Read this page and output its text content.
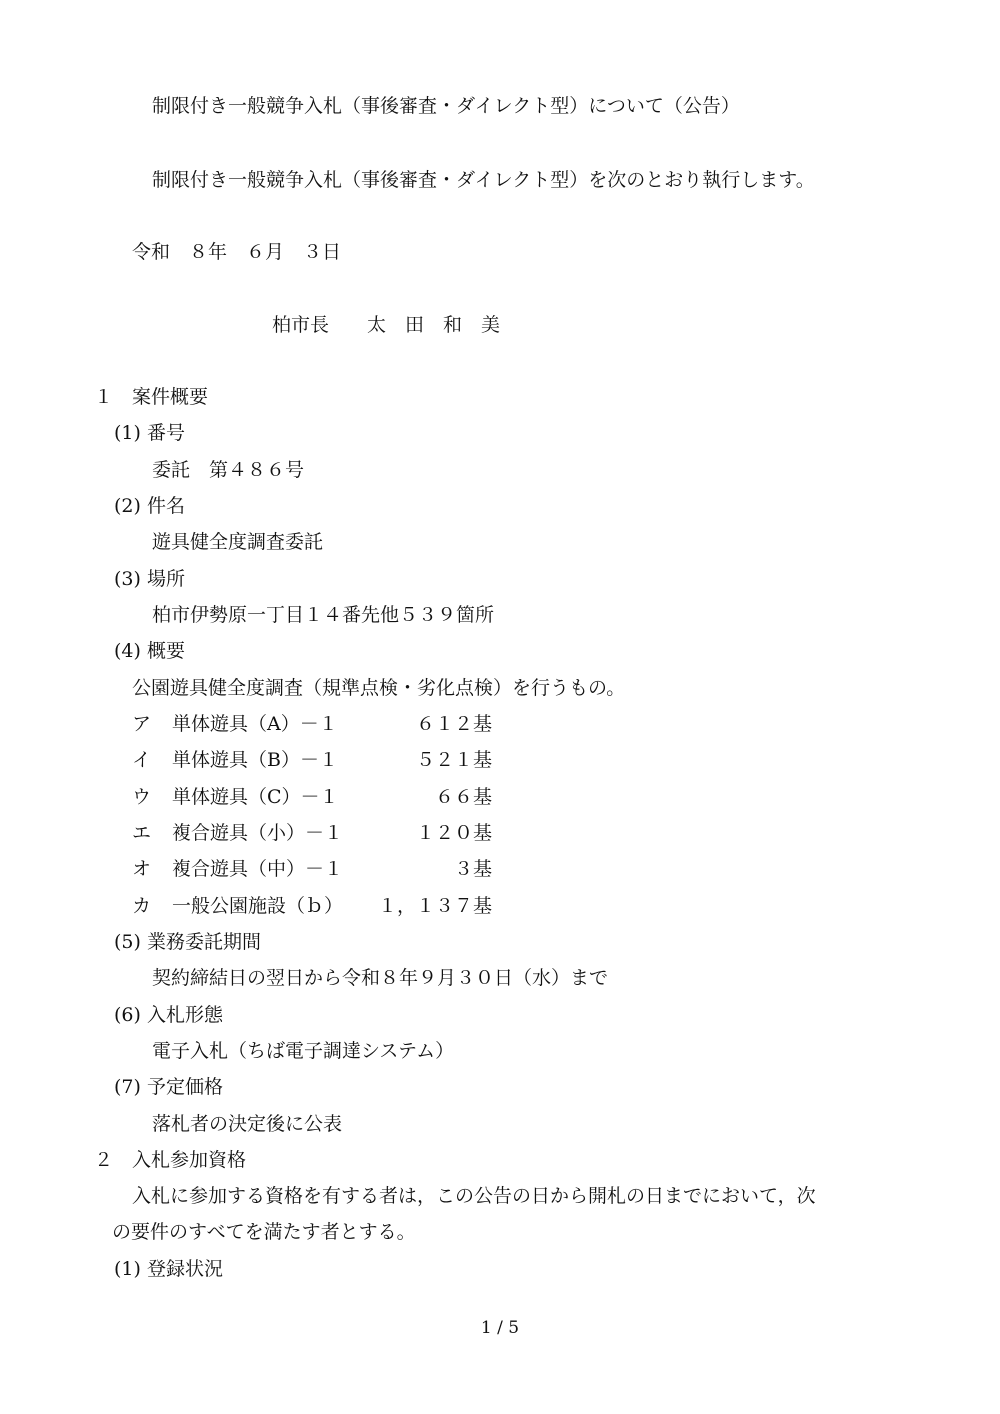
制限付き一般競争入札（事後審査・ダイレクト型）について（公告）
制限付き一般競争入札（事後審査・ダイレクト型）を次のとおり執行します。
令和　８年　６月　３日
柏市長　　太　田　和　美
１　案件概要
(1) 番号
委託　第４８６号
(2) 件名
遊具健全度調査委託
(3) 場所
柏市伊勢原一丁目１４番先他５３９箇所
(4) 概要
公園遊具健全度調査（規準点検・劣化点検）を行うもの。
ア	単体遊具（A）－１	６１２基
イ	単体遊具（B）－１	５２１基
ウ	単体遊具（C）－１	６６基
エ	複合遊具（小）－１	１２０基
オ	複合遊具（中）－１	３基
カ	一般公園施設（ｂ）	１，１３７基
(5) 業務委託期間
契約締結日の翌日から令和８年９月３０日（水）まで
(6) 入札形態
電子入札（ちば電子調達システム）
(7) 予定価格
落札者の決定後に公表
２　入札参加資格
入札に参加する資格を有する者は，この公告の日から開札の日までにおいて，次
の要件のすべてを満たす者とする。
(1) 登録状況
1 / 5
